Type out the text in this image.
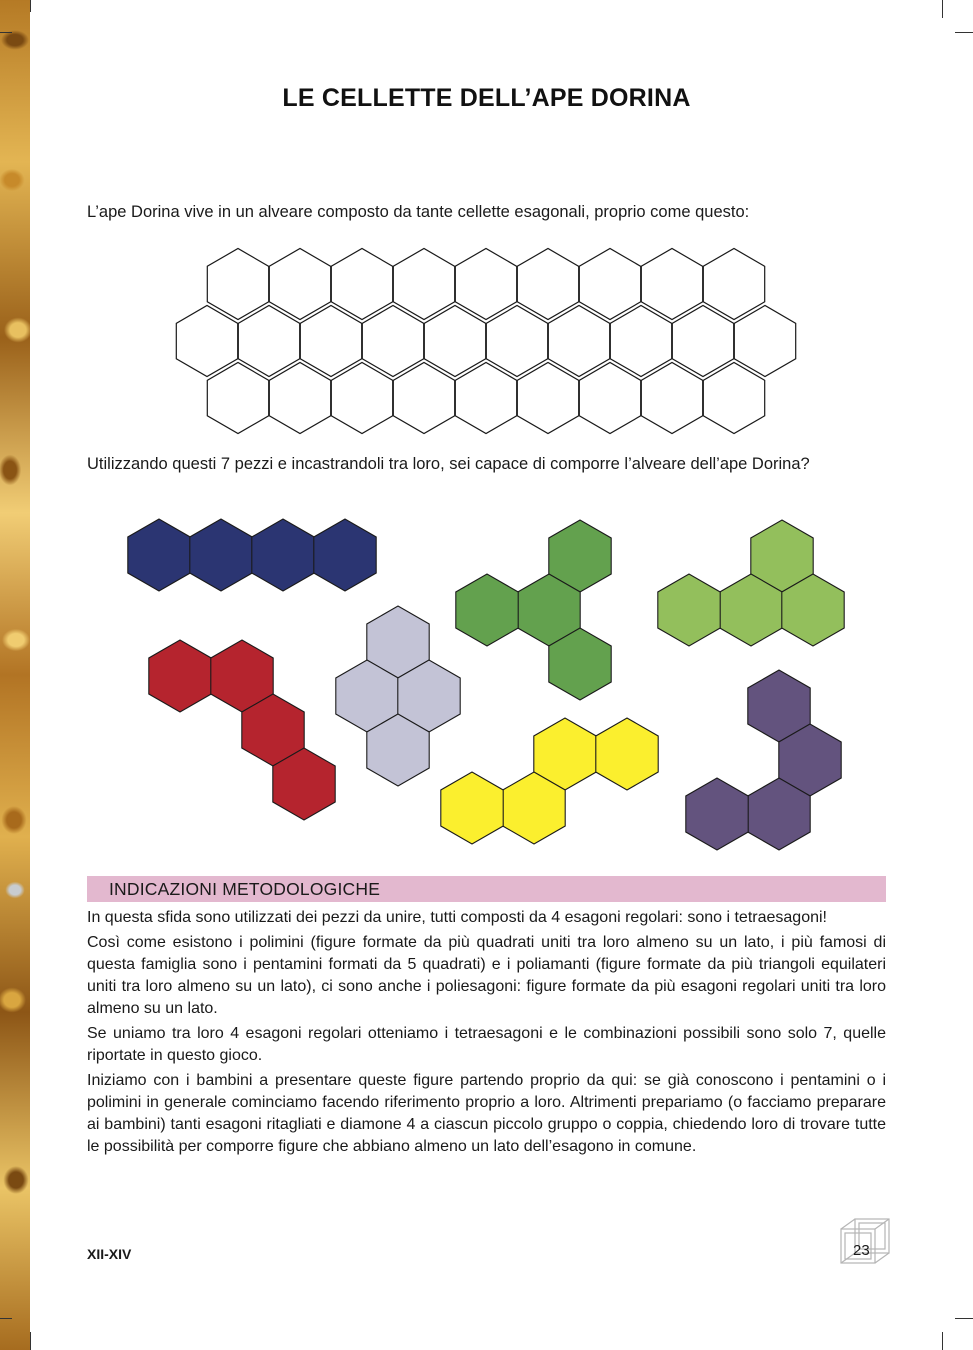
LE CELLETTE DELL’APE DORINA
L’ape Dorina vive in un alveare composto da tante cellette esagonali, proprio come questo:
Utilizzando questi 7 pezzi e incastrandoli tra loro, sei capace di comporre l’alveare dell’ape Dorina?
INDICAZIONI METODOLOGICHE

In questa sfida sono utilizzati dei pezzi da unire, tutti composti da 4 esagoni regolari: sono i tetraesagoni!

Così come esistono i polimini (figure formate da più quadrati uniti tra loro almeno su un lato, i più famosi di questa famiglia sono i pentamini formati da 5 quadrati) e i poliamanti (figure formate da più triangoli equilateri uniti tra loro almeno su un lato), ci sono anche i poliesagoni: figure formate da più esagoni regolari uniti tra loro almeno su un lato.

Se uniamo tra loro 4 esagoni regolari otteniamo i tetraesagoni e le combinazioni possibili sono solo 7, quelle riportate in questo gioco.

Iniziamo con i bambini a presentare queste figure partendo proprio da qui: se già conoscono i pentamini o i polimini in generale cominciamo facendo riferimento proprio a loro. Altrimenti prepariamo (o facciamo preparare ai bambini) tanti esagoni ritagliati e diamone 4 a ciascun piccolo gruppo o coppia, chiedendo loro di trovare tutte le possibilità per comporre figure che abbiano almeno un lato dell’esagono in comune.

XII-XIV	23
